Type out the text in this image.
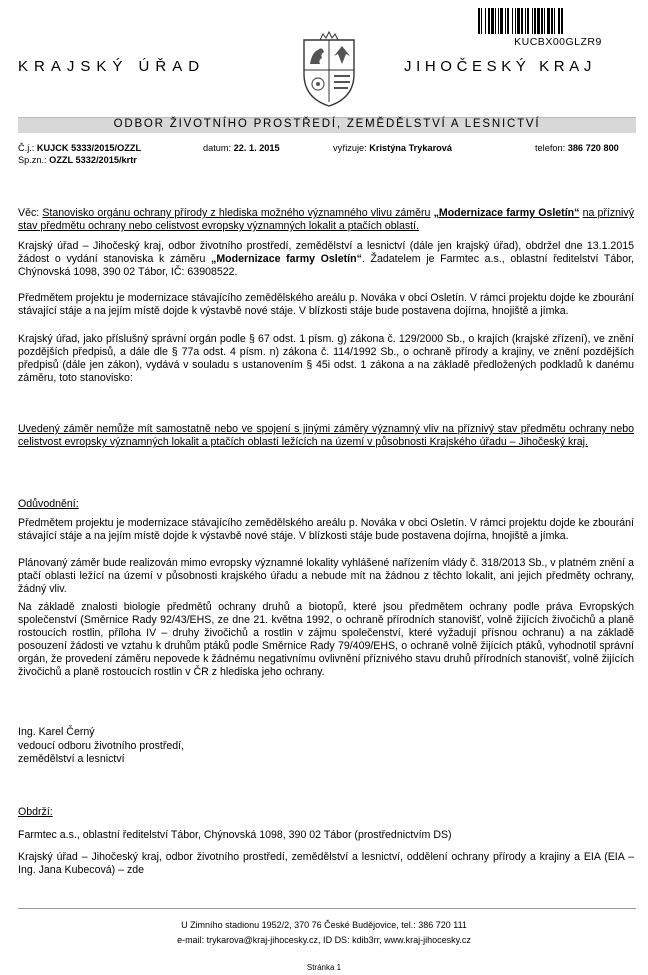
KUCBX00GLZR9
KRAJSKÝ ÚŘAD	JIHOČESKÝ KRAJ
ODBOR ŽIVOTNÍHO PROSTŘEDÍ, ZEMĚDĚLSTVÍ A LESNICTVÍ
Č.j.: KUJCK 5333/2015/OZZL
Sp.zn.: OZZL 5332/2015/krtr
datum: 22. 1. 2015	vyřizuje: Kristýna Trykarová	telefon: 386 720 800
Věc: Stanovisko orgánu ochrany přírody z hlediska možného významného vlivu záměru „Modernizace farmy Osletín“ na příznivý stav předmětu ochrany nebo celistvost evropsky významných lokalit a ptačích oblastí.
Krajský úřad – Jihočeský kraj, odbor životního prostředí, zemědělství a lesnictví (dále jen krajský úřad), obdržel dne 13.1.2015 žádost o vydání stanoviska k záměru „Modernizace farmy Osletín“. Žadatelem je Farmtec a.s., oblastní ředitelství Tábor, Chýnovská 1098, 390 02 Tábor, IČ: 63908522.
Předmětem projektu je modernizace stávajícího zemědělského areálu p. Nováka v obci Osletín. V rámci projektu dojde ke zbourání stávající stáje a na jejím místě dojde k výstavbě nové stáje. V blízkosti stáje bude postavena dojírna, hnojiště a jímka.
Krajský úřad, jako příslušný správní orgán podle § 67 odst. 1 písm. g) zákona č. 129/2000 Sb., o krajích (krajské zřízení), ve znění pozdějších předpisů, a dále dle § 77a odst. 4 písm. n) zákona č. 114/1992 Sb., o ochraně přírody a krajiny, ve znění pozdějších předpisů (dále jen zákon), vydává v souladu s ustanovením § 45i odst. 1 zákona a na základě předložených podkladů k danému záměru, toto stanovisko:
Uvedený záměr nemůže mít samostatně nebo ve spojení s jinými záměry významný vliv na příznivý stav předmětu ochrany nebo celistvost evropsky významných lokalit a ptačích oblastí ležících na území v působnosti Krajského úřadu – Jihočeský kraj.
Odůvodnění:
Předmětem projektu je modernizace stávajícího zemědělského areálu p. Nováka v obci Osletín. V rámci projektu dojde ke zbourání stávající stáje a na jejím místě dojde k výstavbě nové stáje. V blízkosti stáje bude postavena dojírna, hnojiště a jímka.
Plánovaný záměr bude realizován mimo evropsky významné lokality vyhlášené nařízením vlády č. 318/2013 Sb., v platném znění a ptačí oblasti ležící na území v působnosti krajského úřadu a nebude mít na žádnou z těchto lokalit, ani jejich předměty ochrany, žádný vliv.
Na základě znalosti biologie předmětů ochrany druhů a biotopů, které jsou předmětem ochrany podle práva Evropských společenství (Směrnice Rady 92/43/EHS, ze dne 21. května 1992, o ochraně přírodních stanovišť, volně žijících živočichů a planě rostoucích rostlin, příloha IV – druhy živočichů a rostlin v zájmu společenství, které vyžadují přísnou ochranu) a na základě posouzení žádosti ve vztahu k druhům ptáků podle Směrnice Rady 79/409/EHS, o ochraně volně žijících ptáků, vyhodnotil správní orgán, že provedení záměru nepovede k žádnému negativnímu ovlivnění příznivého stavu druhů přírodních stanovišť, volně žijících živočichů a planě rostoucích rostlin v ČR z hlediska jeho ochrany.
Ing. Karel Černý
vedoucí odboru životního prostředí,
zemědělství a lesnictví
Obdrží:
Farmtec a.s., oblastní ředitelství Tábor, Chýnovská 1098, 390 02 Tábor (prostřednictvím DS)
Krajský úřad – Jihočeský kraj, odbor životního prostředí, zemědělství a lesnictví, oddělení ochrany přírody a krajiny a EIA (EIA – Ing. Jana Kubecová) – zde
U Zimního stadionu 1952/2, 370 76 České Budějovice, tel.: 386 720 111
e-mail: trykarova@kraj-jihocesky.cz, ID DS: kdib3rr, www.kraj-jihocesky.cz
Stránka 1
